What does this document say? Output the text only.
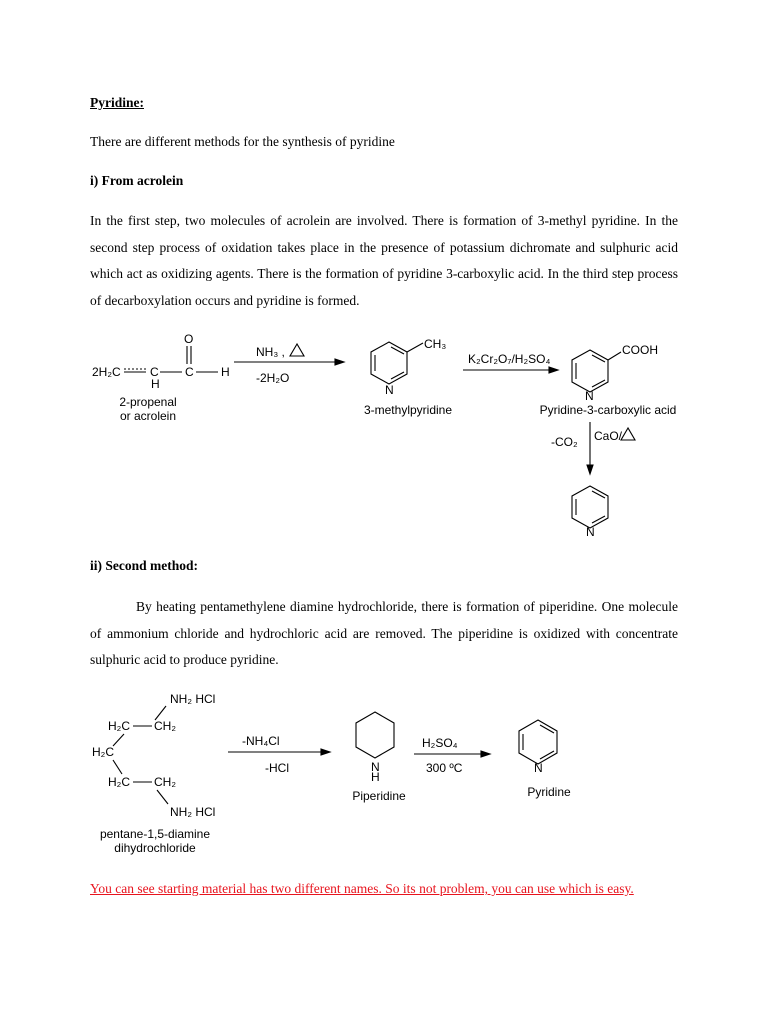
Pyridine:

There are different methods for the synthesis of pyridine

i) From acrolein

In the first step, two molecules of acrolein are involved. There is formation of 3-methyl pyridine. In the second step process of oxidation takes place in the presence of potassium dichromate and sulphuric acid which act as oxidizing agents. There is the formation of pyridine 3-carboxylic acid. In the third step process of decarboxylation occurs and pyridine is formed.

2H₂C C
H
C
O
H
2-propenal
or acrolein
NH₃ ,
-2H₂O
CH₃
N
3-methylpyridine
K₂Cr₂O₇/H₂SO₄
COOH
N
Pyridine-3-carboxylic acid
-CO₂ CaO/
N

ii) Second method:

By heating pentamethylene diamine hydrochloride, there is formation of piperidine. One molecule of ammonium chloride and hydrochloric acid are removed. The piperidine is oxidized with concentrate sulphuric acid to produce pyridine.

NH₂ HCl
H₂C CH₂
H₂C
H₂C CH₂
NH₂ HCl
pentane-1,5-diamine
dihydrochloride
-NH₄Cl
-HCl	N
H
Piperidine
H₂SO₄
300 ºC	N
Pyridine

You can see starting material has two different names. So its not problem, you can use which is easy.
